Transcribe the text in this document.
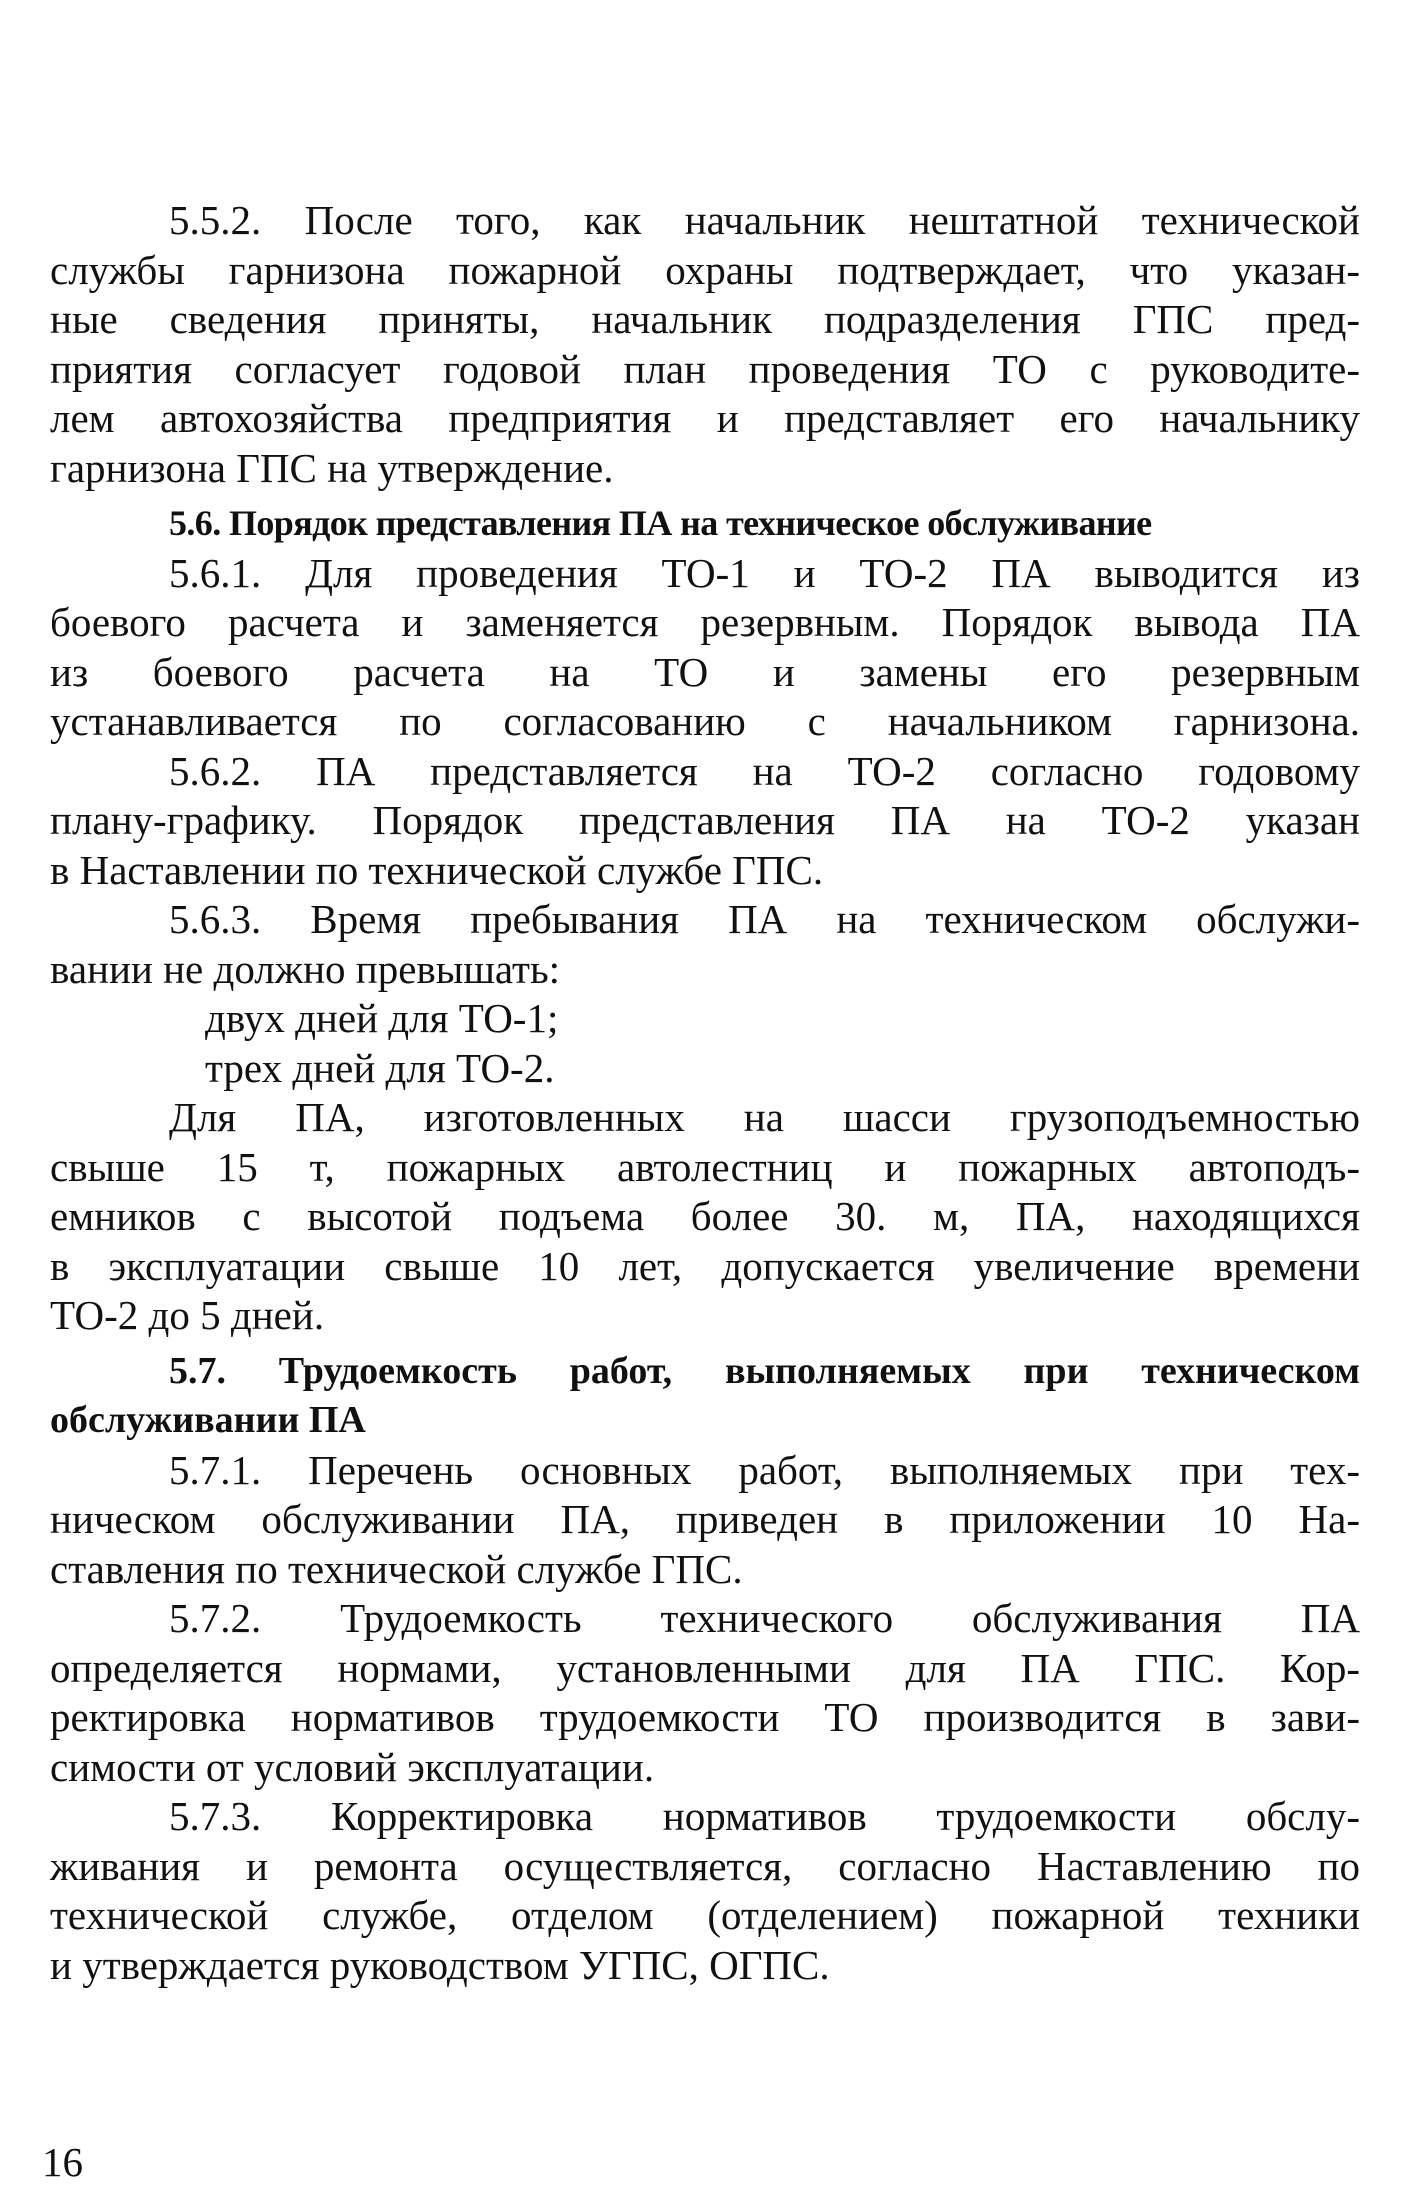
5.5.2. После того, как начальник нештатной технической
службы гарнизона пожарной охраны подтверждает, что указан-
ные сведения приняты, начальник подразделения ГПС пред-
приятия согласует годовой план проведения ТО с руководите-
лем автохозяйства предприятия и представляет его начальнику
гарнизона ГПС на утверждение.
5.6. Порядок представления ПА на техническое обслуживание
5.6.1. Для проведения ТО-1 и ТО-2 ПА выводится из
боевого расчета и заменяется резервным. Порядок вывода ПА
из боевого расчета на ТО и замены его резервным
устанавливается по согласованию с начальником гарнизона.
5.6.2. ПА представляется на ТО-2 согласно годовому
плану-графику. Порядок представления ПА на ТО-2 указан
в Наставлении по технической службе ГПС.
5.6.3. Время пребывания ПА на техническом обслужи-
вании не должно превышать:
двух дней для ТО-1;
трех дней для ТО-2.
Для ПА, изготовленных на шасси грузоподъемностью
свыше 15 т, пожарных автолестниц и пожарных автоподъ-
емников с высотой подъема более 30. м, ПА, находящихся
в эксплуатации свыше 10 лет, допускается увеличение времени
ТО-2 до 5 дней.
5.7. Трудоемкость работ, выполняемых при техническом
обслуживании ПА
5.7.1. Перечень основных работ, выполняемых при тех-
ническом обслуживании ПА, приведен в приложении 10 На-
ставления по технической службе ГПС.
5.7.2. Трудоемкость технического обслуживания ПА
определяется нормами, установленными для ПА ГПС. Кор-
ректировка нормативов трудоемкости ТО производится в зави-
симости от условий эксплуатации.
5.7.3. Корректировка нормативов трудоемкости обслу-
живания и ремонта осуществляется, согласно Наставлению по
технической службе, отделом (отделением) пожарной техники
и утверждается руководством УГПС, ОГПС.
16
